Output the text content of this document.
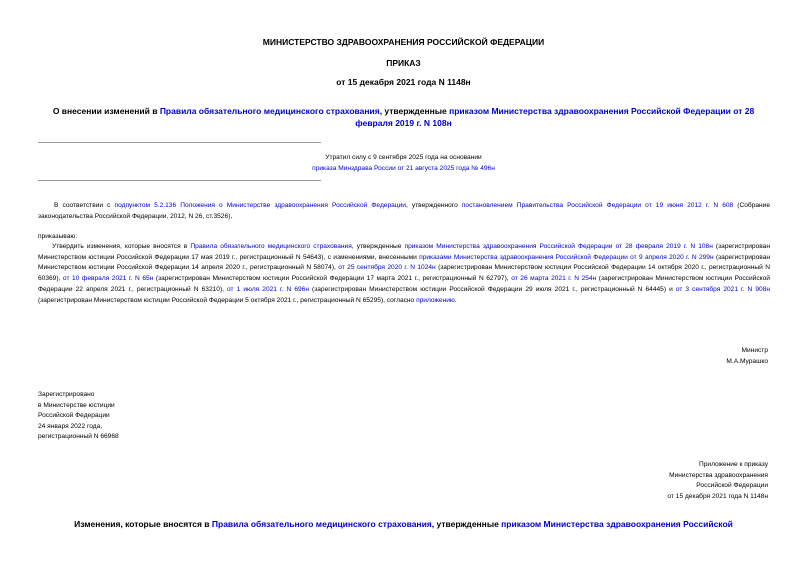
МИНИСТЕРСТВО ЗДРАВООХРАНЕНИЯ РОССИЙСКОЙ ФЕДЕРАЦИИ
ПРИКАЗ
от 15 декабря 2021 года N 1148н
О внесении изменений в Правила обязательного медицинского страхования, утвержденные приказом Министерства здравоохранения Российской Федерации от 28 февраля 2019 г. N 108н
Утратил силу с 9 сентября 2025 года на основании
приказа Минздрава России от 21 августа 2025 года № 496н
В соответствии с подпунктом 5.2.136 Положения о Министерстве здравоохранения Российской Федерации, утвержденного постановлением Правительства Российской Федерации от 19 июня 2012 г. N 608 (Собрание законодательства Российской Федерации, 2012, N 26, ст.3526),
приказываю:
Утвердить изменения, которые вносятся в Правила обязательного медицинского страхования, утвержденные приказом Министерства здравоохранения Российской Федерации от 28 февраля 2019 г. N 108н (зарегистрирован Министерством юстиции Российской Федерации 17 мая 2019 г., регистрационный N 54643), с изменениями, внесенными приказами Министерства здравоохранения Российской Федерации от 9 апреля 2020 г. N 299н (зарегистрирован Министерством юстиции Российской Федерации 14 апреля 2020 г., регистрационный N 58074), от 25 сентября 2020 г. N 1024н (зарегистрирован Министерством юстиции Российской Федерации 14 октября 2020 г., регистрационный N 60369), от 10 февраля 2021 г. N 65н (зарегистрирован Министерством юстиции Российской Федерации 17 марта 2021 г., регистрационный N 62797), от 26 марта 2021 г. N 254н (зарегистрирован Министерством юстиции Российской Федерации 22 апреля 2021 г., регистрационный N 63210), от 1 июля 2021 г. N 696н (зарегистрирован Министерством юстиции Российской Федерации 29 июля 2021 г., регистрационный N 64445) и от 3 сентября 2021 г. N 908н (зарегистрирован Министерством юстиции Российской Федерации 5 октября 2021 г., регистрационный N 65295), согласно приложению.
Министр
М.А.Мурашко
Зарегистрировано
в Министерстве юстиции
Российской Федерации
24 января 2022 года,
регистрационный N 66968
Приложение к приказу
Министерства здравоохранения
Российской Федерации
от 15 декабря 2021 года N 1148н
Изменения, которые вносятся в Правила обязательного медицинского страхования, утвержденные приказом Министерства здравоохранения Российской
